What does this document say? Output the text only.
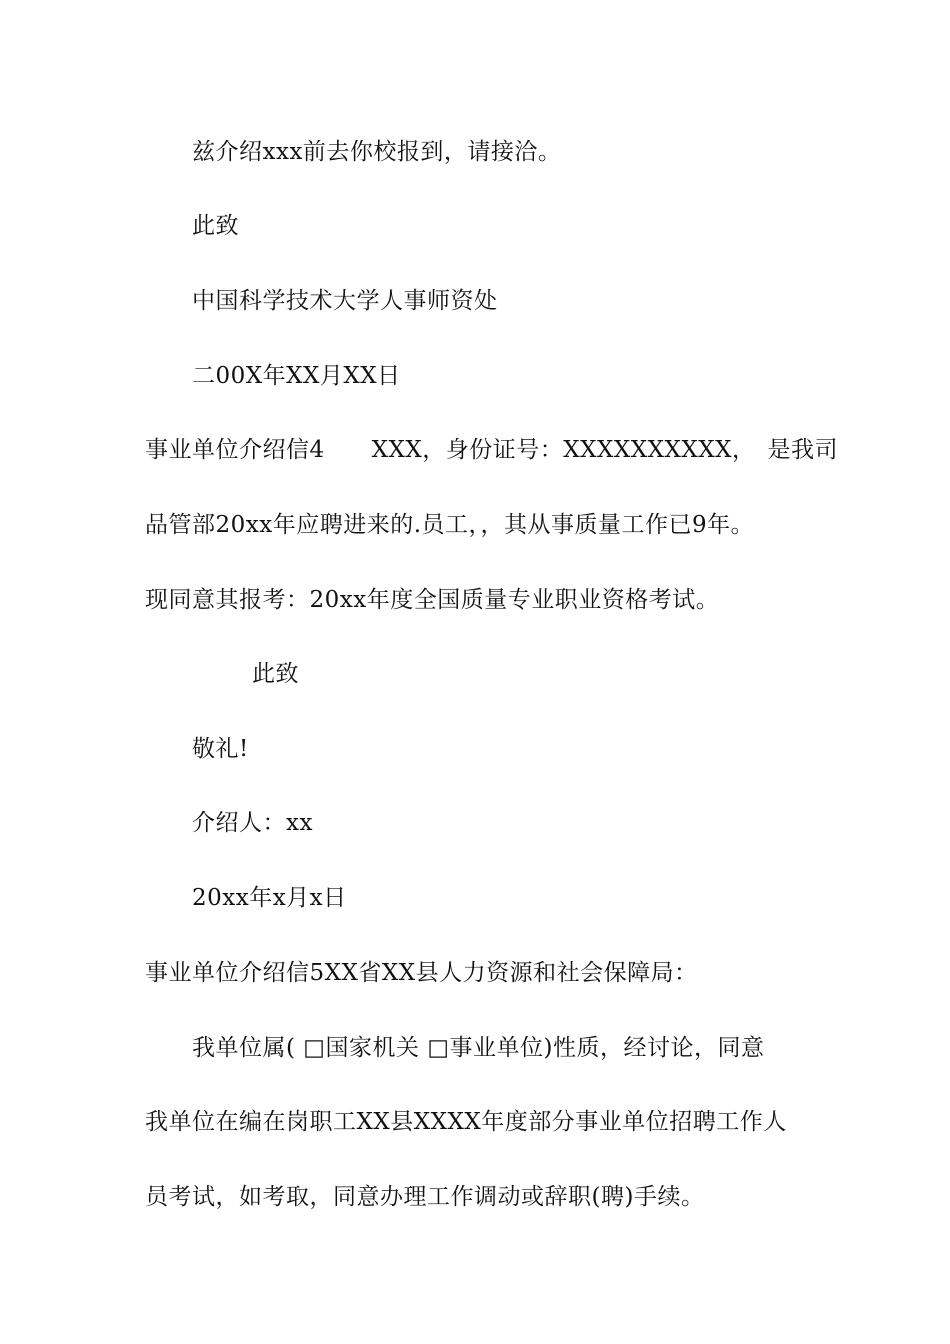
兹介绍xxx前去你校报到，请接洽。
此致
中国科学技术大学人事师资处
二00X年XX月XX日
事业单位介绍信4　　XXX，身份证号：XXXXXXXXXX，　是我司
品管部20xx年应聘进来的.员工，，其从事质量工作已9年。
现同意其报考：20xx年度全国质量专业职业资格考试。
此致
敬礼!
介绍人：xx
20xx年x月x日
事业单位介绍信5XX省XX县人力资源和社会保障局：
我单位属( □国家机关 □事业单位)性质，经讨论，同意
我单位在编在岗职工XX县XXXX年度部分事业单位招聘工作人
员考试，如考取，同意办理工作调动或辞职(聘)手续。
